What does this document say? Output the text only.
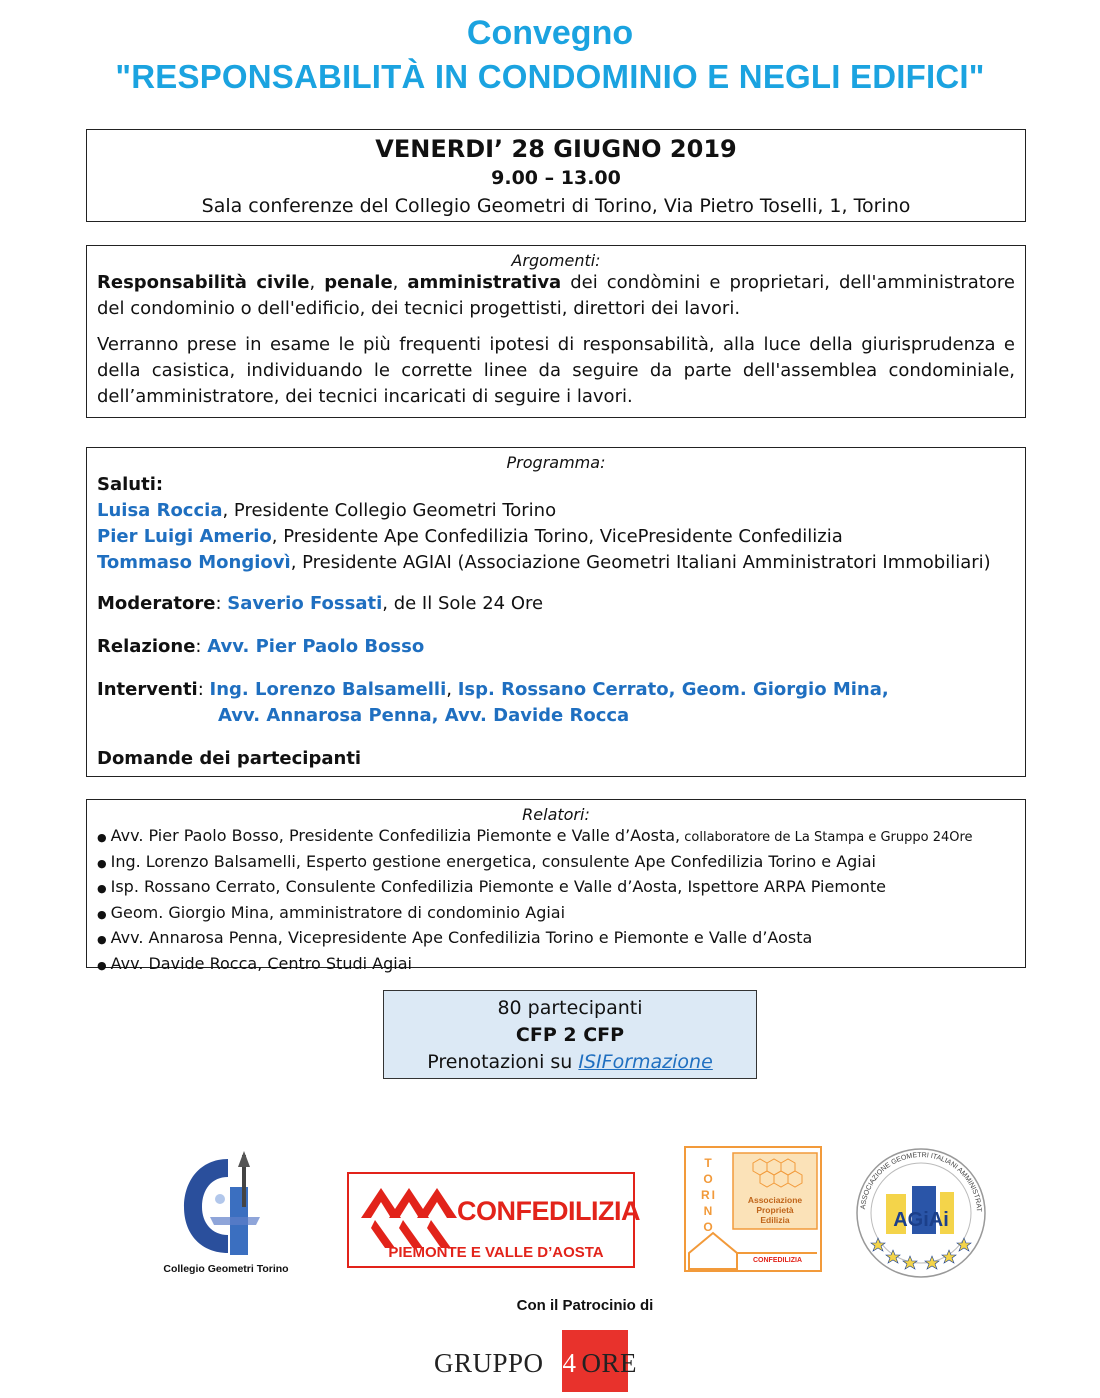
Convegno
"RESPONSABILITÀ IN CONDOMINIO E NEGLI EDIFICI"
VENERDI’ 28 GIUGNO 2019
9.00 – 13.00
Sala conferenze del Collegio Geometri di Torino, Via Pietro Toselli, 1, Torino
Argomenti:
Responsabilità civile, penale, amministrativa dei condòmini e proprietari, dell'amministratore del condominio o dell'edificio, dei tecnici progettisti, direttori dei lavori.
Verranno prese in esame le più frequenti ipotesi di responsabilità, alla luce della giurisprudenza e della casistica, individuando le corrette linee da seguire da parte dell'assemblea condominiale, dell’amministratore, dei tecnici incaricati di seguire i lavori.
Programma:
Saluti:
Luisa Roccia, Presidente Collegio Geometri Torino
Pier Luigi Amerio, Presidente Ape Confedilizia Torino, VicePresidente Confedilizia
Tommaso Mongiovì, Presidente AGIAI (Associazione Geometri Italiani Amministratori Immobiliari)
Moderatore: Saverio Fossati, de Il Sole 24 Ore
Relazione: Avv. Pier Paolo Bosso
Interventi: Ing. Lorenzo Balsamelli, Isp. Rossano Cerrato, Geom. Giorgio Mina,
Avv. Annarosa Penna, Avv. Davide Rocca
Domande dei partecipanti
Relatori:
● Avv. Pier Paolo Bosso, Presidente Confedilizia Piemonte e Valle d’Aosta, collaboratore de La Stampa e Gruppo 24Ore
● Ing. Lorenzo Balsamelli, Esperto gestione energetica, consulente Ape Confedilizia Torino e Agiai
● Isp. Rossano Cerrato, Consulente Confedilizia Piemonte e Valle d’Aosta, Ispettore ARPA Piemonte
● Geom. Giorgio Mina, amministratore di condominio Agiai
● Avv. Annarosa Penna, Vicepresidente Ape Confedilizia Torino e Piemonte e Valle d’Aosta
● Avv. Davide Rocca, Centro Studi Agiai
80 partecipanti
CFP 2 CFP
Prenotazioni su ISIFormazione
Collegio Geometri Torino
CONFEDILIZIA
PIEMONTE E VALLE D’AOSTA
TORINO
Associazione
Proprietà
Edilizia
CONFEDILIZIA
ASSOCIAZIONE GEOMETRI ITALIANI AMMINISTRAT
AGiAi
Con il Patrocinio di
GRUPPO 24 ORE
